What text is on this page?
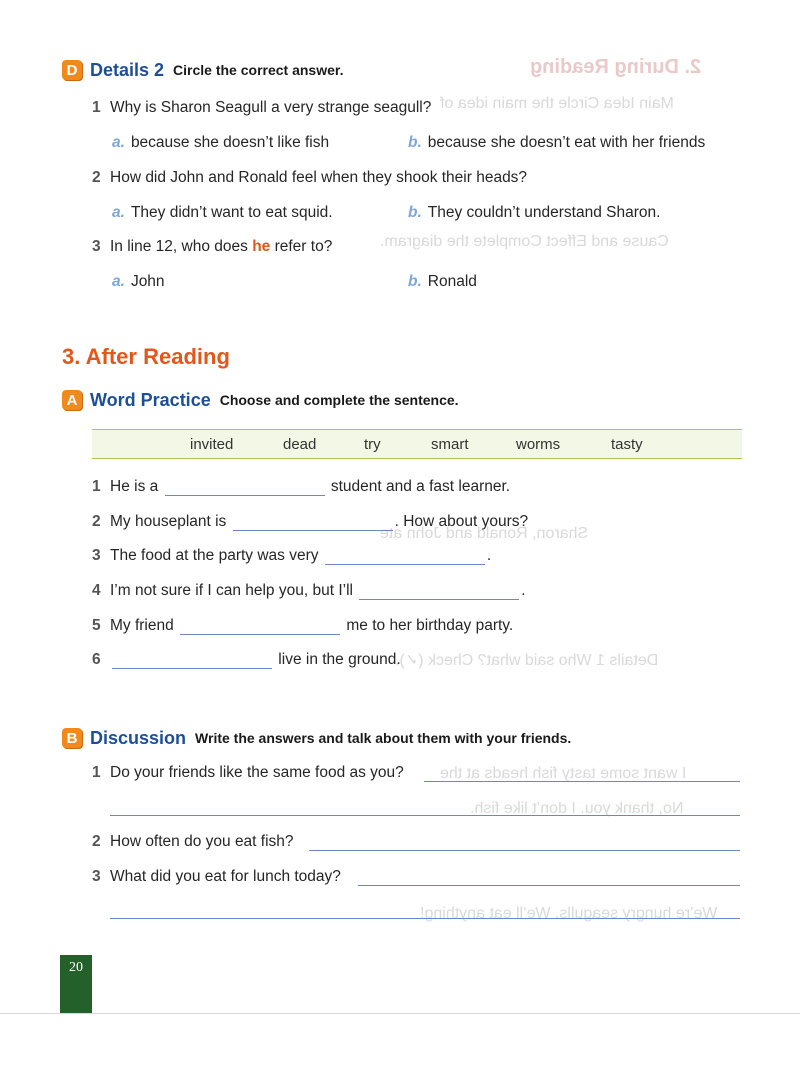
2. During Reading
Main Idea Circle the main idea of
Cause and Effect Complete the diagram.
Sharon, Ronald and John ate
Details 1 Who said what? Check (✓).
I want some tasty fish heads at the
No, thank you. I don’t like fish.
We’re hungry seagulls. We’ll eat anything!
D Details 2 Circle the correct answer.
1 Why is Sharon Seagull a very strange seagull?
a. because she doesn’t like fish	b. because she doesn’t eat with her friends
2 How did John and Ronald feel when they shook their heads?
a. They didn’t want to eat squid.	b. They couldn’t understand Sharon.
3 In line 12, who does he refer to?
a. John	b. Ronald
3. After Reading
A Word Practice Choose and complete the sentence.
invited	dead	try	smart	worms	tasty
1 He is a	student and a fast learner.
2 My houseplant is	. How about yours?
3 The food at the party was very	.
4 I’m not sure if I can help you, but I’ll	.
5 My friend	me to her birthday party.
6	live in the ground.
B Discussion Write the answers and talk about them with your friends.
1 Do your friends like the same food as you?
2 How often do you eat fish?
3 What did you eat for lunch today?
20
